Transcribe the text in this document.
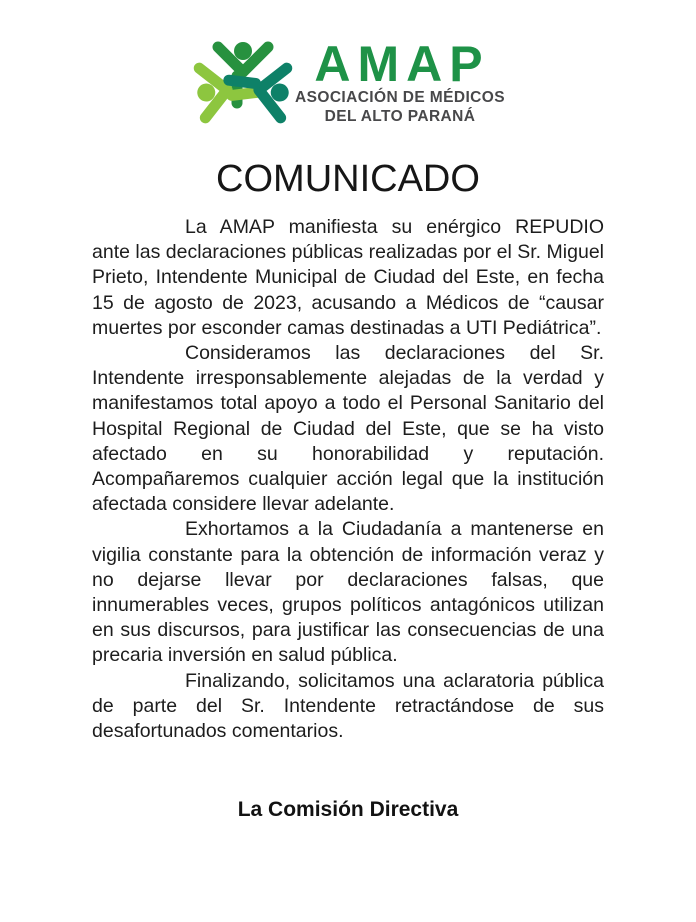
AMAP
ASOCIACIÓN DE MÉDICOS
DEL ALTO PARANÁ
COMUNICADO

La AMAP manifiesta su enérgico REPUDIO ante las declaraciones públicas realizadas por el Sr. Miguel Prieto, Intendente Municipal de Ciudad del Este, en fecha 15 de agosto de 2023, acusando a Médicos de “causar muertes por esconder camas destinadas a UTI Pediátrica”.

Consideramos las declaraciones del Sr. Intendente irresponsablemente alejadas de la verdad y manifestamos total apoyo a todo el Personal Sanitario del Hospital Regional de Ciudad del Este, que se ha visto afectado en su honorabilidad y reputación. Acompañaremos cualquier acción legal que la institución afectada considere llevar adelante.

Exhortamos a la Ciudadanía a mantenerse en vigilia constante para la obtención de información veraz y no dejarse llevar por declaraciones falsas, que innumerables veces, grupos políticos antagónicos utilizan en sus discursos, para justificar las consecuencias de una precaria inversión en salud pública.

Finalizando, solicitamos una aclaratoria pública de parte del Sr. Intendente retractándose de sus desafortunados comentarios.

La Comisión Directiva
